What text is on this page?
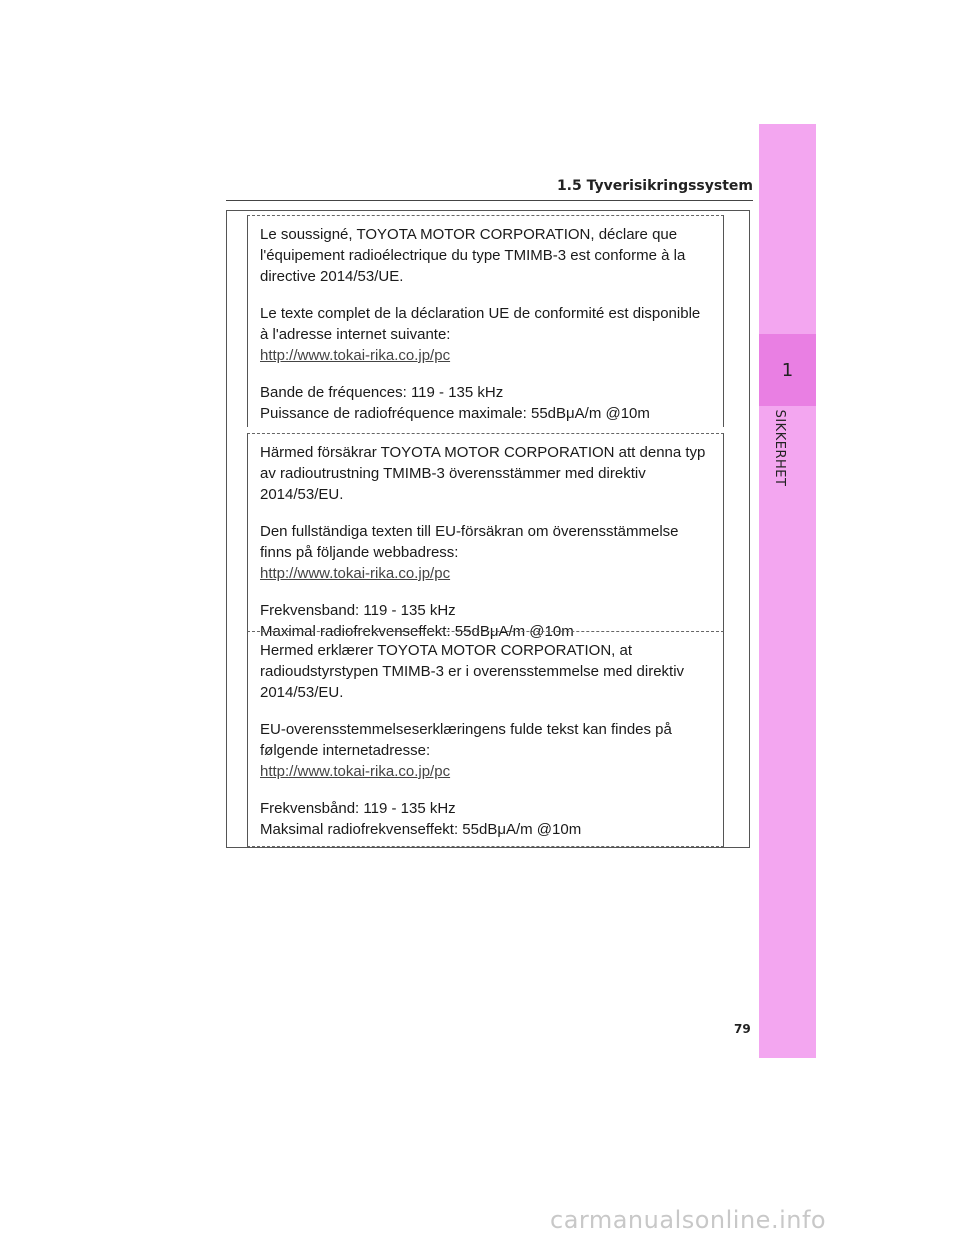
1
SIKKERHET
1.5 Tyverisikringssystem

Le soussigné, TOYOTA MOTOR CORPORATION, déclare que l'équipement radioélectrique du type TMIMB-3 est conforme à la directive 2014/53/UE.

Le texte complet de la déclaration UE de conformité est disponible à l'adresse internet suivante:

http://www.tokai-rika.co.jp/pc

Bande de fréquences: 119 - 135 kHz

Puissance de radiofréquence maximale: 55dBμA/m @10m

Härmed försäkrar TOYOTA MOTOR CORPORATION att denna typ av radioutrustning TMIMB-3 överensstämmer med direktiv 2014/53/EU.

Den fullständiga texten till EU-försäkran om överensstämmelse finns på följande webbadress:

http://www.tokai-rika.co.jp/pc

Frekvensband: 119 - 135 kHz

Maximal radiofrekvenseffekt: 55dBμA/m @10m

Hermed erklærer TOYOTA MOTOR CORPORATION, at radioudstyrstypen TMIMB-3 er i overensstemmelse med direktiv 2014/53/EU.

EU-overensstemmelseserklæringens fulde tekst kan findes på følgende internetadresse:

http://www.tokai-rika.co.jp/pc

Frekvensbånd: 119 - 135 kHz

Maksimal radiofrekvenseffekt: 55dBμA/m @10m

79
carmanualsonline.info
